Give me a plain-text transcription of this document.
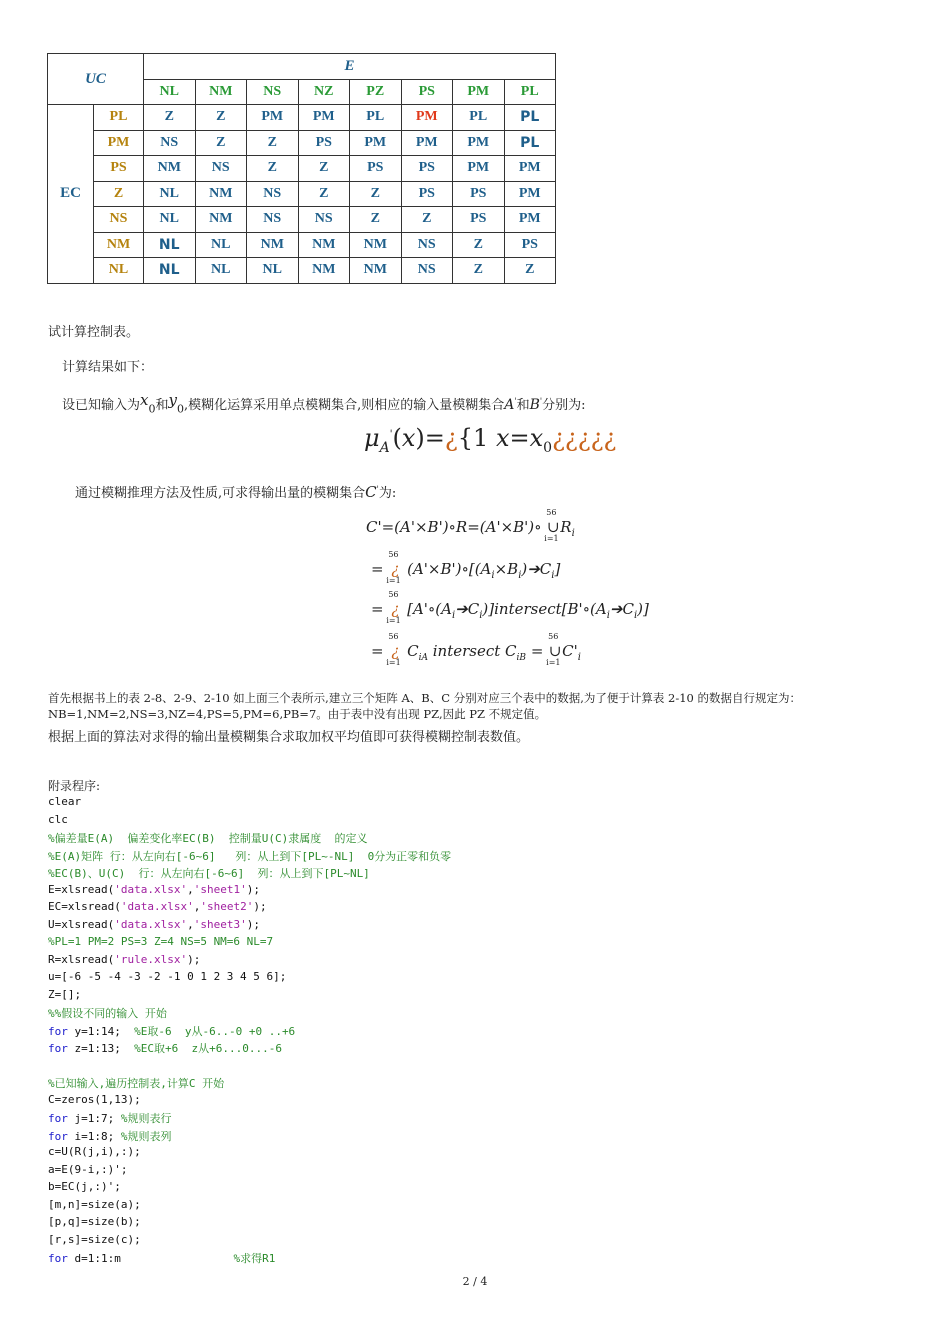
UC		E							
		NL	NM	NS	NZ	PZ	PS	PM	PL
EC	PL	Z	Z	PM	PM	PL	PM	PL	PL
	PM	NS	Z	Z	PS	PM	PM	PM	PL
	PS	NM	NS	Z	Z	PS	PS	PM	PM
	Z	NL	NM	NS	Z	Z	PS	PS	PM
	NS	NL	NM	NS	NS	Z	Z	PS	PM
	NM	NL	NL	NM	NM	NM	NS	Z	PS
	NL	NL	NL	NL	NM	NM	NS	Z	Z
试计算控制表。
计算结果如下：
设已知输入为$x_0$和$y_0$,模糊化运算采用单点模糊集合,则相应的输入量模糊集合A'和B'分别为:
$\mu_A'(x)=¿\{1$ $x=x_0¿¿¿¿¿$
通过模糊推理方法及性质,可求得输出量的模糊集合C'为:
C'=(A'×B')∘R=(A'×B')∘
56
∪
i=1
$R_i$
=
56
¿
i=1
$(A'\times B')\circ[(A_i\times B_i)➔C_i]$
=
56
¿
i=1
$[A'\circ(A_i➔C_i)]intersect[B'\circ(A_i➔C_i)]$
=
56
¿
i=1
$C_{iA}$ intersect $C_{iB}$ =
56
∪
i=1
$C'_i$
首先根据书上的表 2-8、2-9、2-10 如上面三个表所示,建立三个矩阵 A、B、C 分别对应三个表中的数据,为了便于计算表 2-10 的数据自行规定为：
NB=1,NM=2,NS=3,NZ=4,PS=5,PM=6,PB=7。由于表中没有出现 PZ,因此 PZ 不规定值。
根据上面的算法对求得的输出量模糊集合求取加权平均值即可获得模糊控制表数值。
附录程序:
clear
clc
%偏差量E(A)  偏差变化率EC(B)  控制量U(C)隶属度  的定义
%E(A)矩阵 行：从左向右[-6~6]   列：从上到下[PL~-NL]  0分为正零和负零
%EC(B)、U(C)  行：从左向右[-6~6]  列：从上到下[PL~NL]
E=xlsread('data.xlsx','sheet1');
EC=xlsread('data.xlsx','sheet2');
U=xlsread('data.xlsx','sheet3');
%PL=1 PM=2 PS=3 Z=4 NS=5 NM=6 NL=7
R=xlsread('rule.xlsx');
u=[-6 -5 -4 -3 -2 -1 0 1 2 3 4 5 6];
Z=[];
%%假设不同的输入 开始
for y=1:14;  %E取-6  y从-6..-0 +0 ..+6
for z=1:13;  %EC取+6  z从+6...0...-6
%已知输入,遍历控制表,计算C 开始
C=zeros(1,13);
for j=1:7; %规则表行
for i=1:8; %规则表列
c=U(R(j,i),:);
a=E(9-i,:)';
b=EC(j,:)';
[m,n]=size(a);
[p,q]=size(b);
[r,s]=size(c);
for d=1:1:m                 %求得R1
2 / 4
